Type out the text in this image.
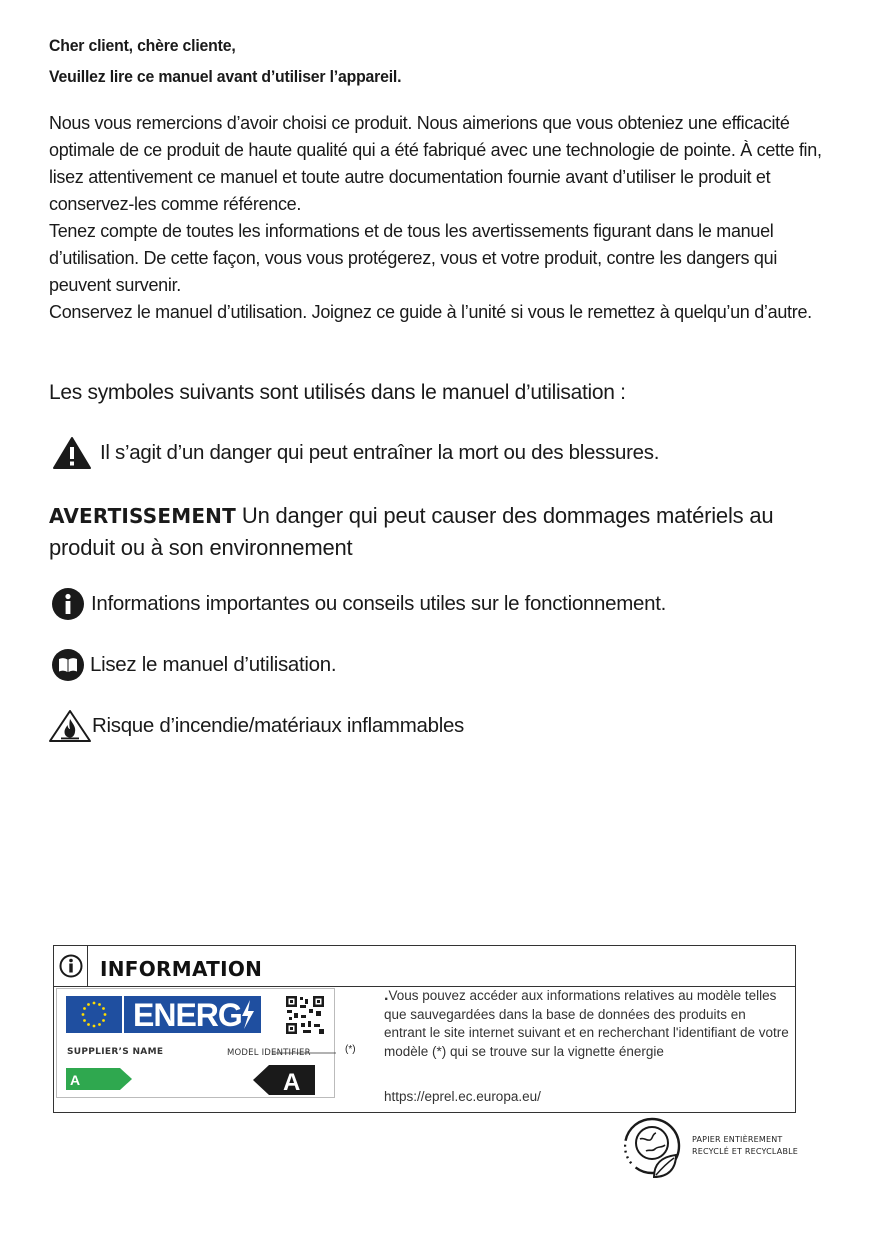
Cher client, chère cliente,
Veuillez lire ce manuel avant d’utiliser l’appareil.

Nous vous remercions d’avoir choisi ce produit. Nous aimerions que vous obteniez une efficacité optimale de ce produit de haute qualité qui a été fabriqué avec une technologie de pointe. À cette fin, lisez attentivement ce manuel et toute autre documentation fournie avant d’utiliser le produit et conservez-les comme référence.

Tenez compte de toutes les informations et de tous les avertissements figurant dans le manuel d’utilisation. De cette façon, vous vous protégerez, vous et votre produit, contre les dangers qui peuvent survenir.

Conservez le manuel d’utilisation. Joignez ce guide à l’unité si vous le remettez à quelqu’un d’autre.

Les symboles suivants sont utilisés dans le manuel d’utilisation :
Il s’agit d’un danger qui peut entraîner la mort ou des blessures.
AVERTISSEMENT Un danger qui peut causer des dommages matériels au produit ou à son environnement
Informations importantes ou conseils utiles sur le fonctionnement.
Lisez le manuel d’utilisation.
Risque d’incendie/matériaux inflammables
INFORMATION
ENERG
A	A
SUPPLIER’S NAME	MODEL IDENTIFIER	(*)
.Vous pouvez accéder aux informations relatives au modèle telles que sauvegardées dans la base de données des produits en entrant le site internet suivant et en recherchant l'identifiant de votre modèle (*) qui se trouve sur la vignette énergie
https://eprel.ec.europa.eu/
PAPIER ENTIÈREMENT
RECYCLÉ ET RECYCLABLE
